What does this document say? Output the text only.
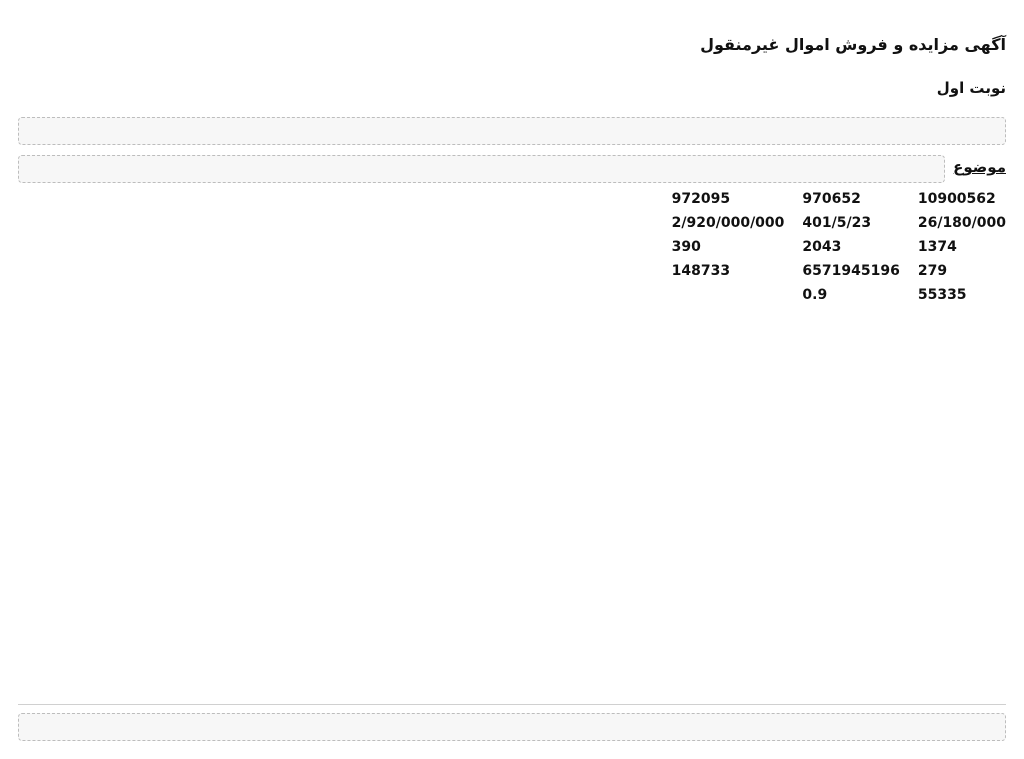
آگهی مزایده و فروش اموال غیرمنقول
نوبت اول
موضوع
10900562
970652
972095
26/180/000
401/5/23
2/920/000/000
1374
2043
390
279
6571945196
148733
55335
0.9
